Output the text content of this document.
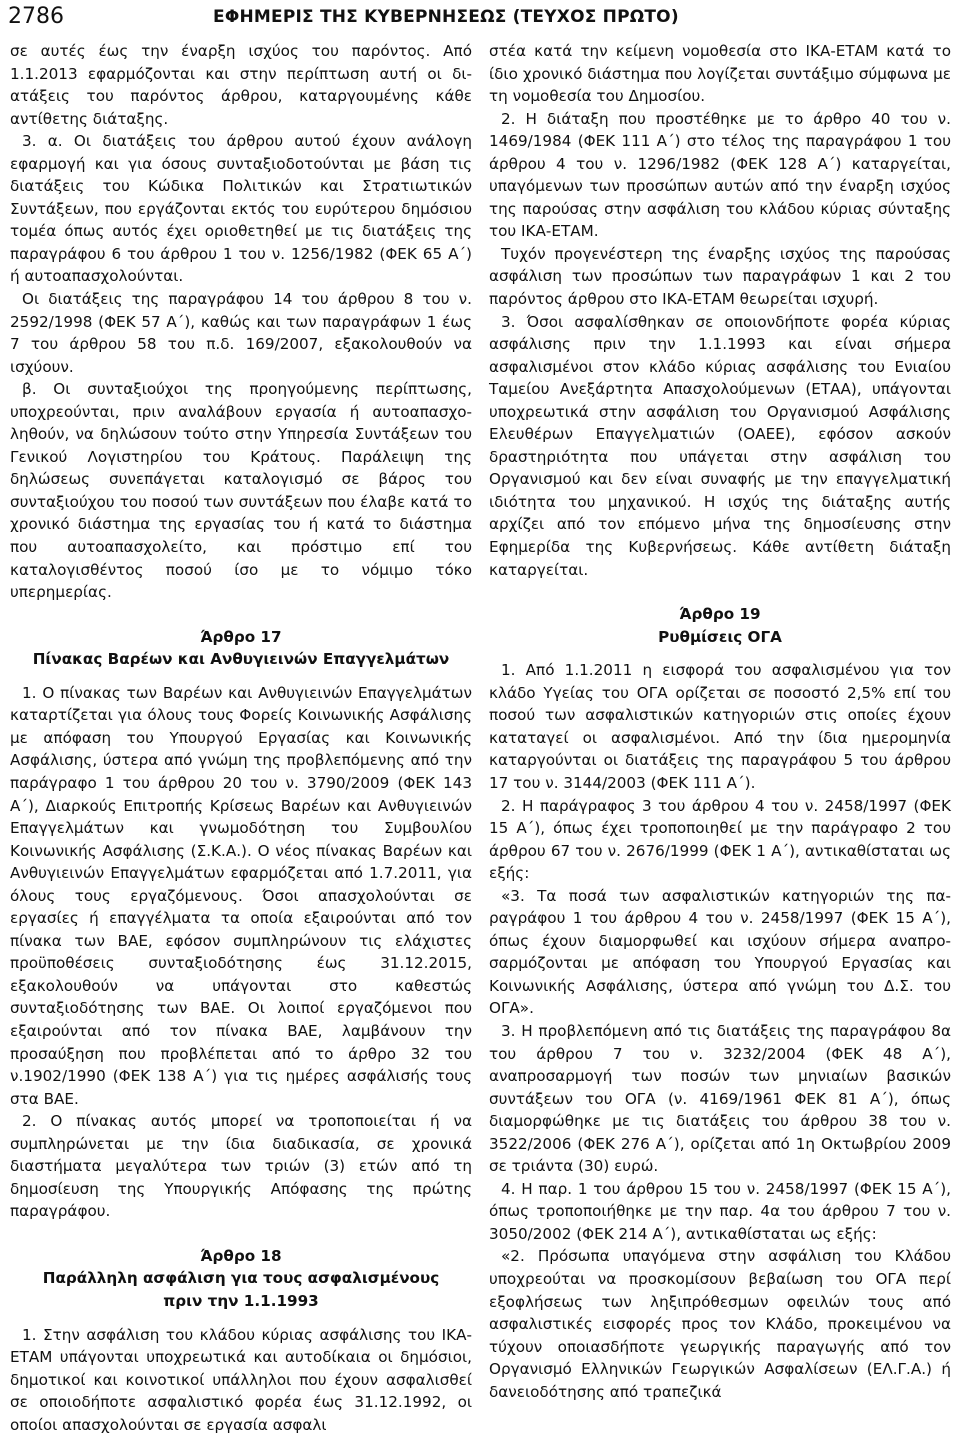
2786	ΕΦΗΜΕΡΙΣ ΤΗΣ ΚΥΒΕΡΝΗΣΕΩΣ (ΤΕΥΧΟΣ ΠΡΩΤΟ)

σε αυτές έως την έναρξη ισχύος του παρόντος. Από 1.1.2013 εφαρμόζονται και στην περίπτωση αυτή οι διατάξεις του παρόντος άρθρου, καταργουμένης κάθε αντίθετης διάταξης.

3. α. Οι διατάξεις του άρθρου αυτού έχουν ανάλογη εφαρμογή και για όσους συνταξιοδοτούνται με βάση τις διατάξεις του Κώδικα Πολιτικών και Στρατιωτικών Συντάξεων, που εργάζονται εκτός του ευρύτερου δημόσιου τομέα όπως αυτός έχει οριοθετηθεί με τις διατάξεις της παραγράφου 6 του άρθρου 1 του ν. 1256/1982 (ΦΕΚ 65 Α΄) ή αυτοαπασχολούνται.

Οι διατάξεις της παραγράφου 14 του άρθρου 8 του ν. 2592/1998 (ΦΕΚ 57 Α΄), καθώς και των παραγράφων 1 έως 7 του άρθρου 58 του π.δ. 169/2007, εξακολουθούν να ισχύουν.

β. Οι συνταξιούχοι της προηγούμενης περίπτωσης, υποχρεούνται, πριν αναλάβουν εργασία ή αυτοαπασχοληθούν, να δηλώσουν τούτο στην Υπηρεσία Συντάξεων του Γενικού Λογιστηρίου του Κράτους. Παράλειψη της δηλώσεως συνεπάγεται καταλογισμό σε βάρος του συνταξιούχου του ποσού των συντάξεων που έλαβε κατά το χρονικό διάστημα της εργασίας του ή κατά το διάστημα που αυτοαπασχολείτο, και πρόστιμο επί του καταλογισθέντος ποσού ίσο με το νόμιμο τόκο υπερημερίας.

Άρθρο 17
Πίνακας Βαρέων και Ανθυγιεινών Επαγγελμάτων

1. Ο πίνακας των Βαρέων και Ανθυγιεινών Επαγγελμάτων καταρτίζεται για όλους τους Φορείς Κοινωνικής Ασφάλισης με απόφαση του Υπουργού Εργασίας και Κοινωνικής Ασφάλισης, ύστερα από γνώμη της προβλεπόμενης από την παράγραφο 1 του άρθρου 20 του ν. 3790/2009 (ΦΕΚ 143 Α΄), Διαρκούς Επιτροπής Κρίσεως Βαρέων και Ανθυγιεινών Επαγγελμάτων και γνωμοδότηση του Συμβουλίου Κοινωνικής Ασφάλισης (Σ.Κ.Α.). Ο νέος πίνακας Βαρέων και Ανθυγιεινών Επαγγελμάτων εφαρμόζεται από 1.7.2011, για όλους τους εργαζόμενους. Όσοι απασχολούνται σε εργασίες ή επαγγέλματα τα οποία εξαιρούνται από τον πίνακα των ΒΑΕ, εφόσον συμπληρώνουν τις ελάχιστες προϋποθέσεις συνταξιοδότησης έως 31.12.2015, εξακολουθούν να υπάγονται στο καθεστώς συνταξιοδότησης των ΒΑΕ. Οι λοιποί εργαζόμενοι που εξαιρούνται από τον πίνακα ΒΑΕ, λαμβάνουν την προσαύξηση που προβλέπεται από το άρθρο 32 του ν.1902/1990 (ΦΕΚ 138 Α΄) για τις ημέρες ασφάλισής τους στα ΒΑΕ.

2. Ο πίνακας αυτός μπορεί να τροποποιείται ή να συμπληρώνεται με την ίδια διαδικασία, σε χρονικά διαστήματα μεγαλύτερα των τριών (3) ετών από τη δημοσίευση της Υπουργικής Απόφασης της πρώτης παραγράφου.

Άρθρο 18
Παράλληλη ασφάλιση για τους ασφαλισμένους
πριν την 1.1.1993

1. Στην ασφάλιση του κλάδου κύριας ασφάλισης του ΙΚΑ-ΕΤΑΜ υπάγονται υποχρεωτικά και αυτοδίκαια οι δημόσιοι, δημοτικοί και κοινοτικοί υπάλληλοι που έχουν ασφαλισθεί σε οποιοδήποτε ασφαλιστικό φορέα έως 31.12.1992, οι οποίοι απασχολούνται σε εργασία ασφαλι

στέα κατά την κείμενη νομοθεσία στο ΙΚΑ-ΕΤΑΜ κατά το ίδιο χρονικό διάστημα που λογίζεται συντάξιμο σύμφωνα με τη νομοθεσία του Δημοσίου.

2. Η διάταξη που προστέθηκε με το άρθρο 40 του ν. 1469/1984 (ΦΕΚ 111 Α΄) στο τέλος της παραγράφου 1 του άρθρου 4 του ν. 1296/1982 (ΦΕΚ 128 Α΄) καταργείται, υπαγόμενων των προσώπων αυτών από την έναρξη ισχύος της παρούσας στην ασφάλιση του κλάδου κύριας σύνταξης του ΙΚΑ-ΕΤΑΜ.

Τυχόν προγενέστερη της έναρξης ισχύος της παρούσας ασφάλιση των προσώπων των παραγράφων 1 και 2 του παρόντος άρθρου στο ΙΚΑ-ΕΤΑΜ θεωρείται ισχυρή.

3. Όσοι ασφαλίσθηκαν σε οποιονδήποτε φορέα κύριας ασφάλισης πριν την 1.1.1993 και είναι σήμερα ασφαλισμένοι στον κλάδο κύριας ασφάλισης του Ενιαίου Ταμείου Ανεξάρτητα Απασχολούμενων (ΕΤΑΑ), υπάγονται υποχρεωτικά στην ασφάλιση του Οργανισμού Ασφάλισης Ελευθέρων Επαγγελματιών (ΟΑΕΕ), εφόσον ασκούν δραστηριότητα που υπάγεται στην ασφάλιση του Οργανισμού και δεν είναι συναφής με την επαγγελματική ιδιότητα του μηχανικού. Η ισχύς της διάταξης αυτής αρχίζει από τον επόμενο μήνα της δημοσίευσης στην Εφημερίδα της Κυβερνήσεως. Κάθε αντίθετη διάταξη καταργείται.

Άρθρο 19
Ρυθμίσεις ΟΓΑ

1. Από 1.1.2011 η εισφορά του ασφαλισμένου για τον κλάδο Υγείας του ΟΓΑ ορίζεται σε ποσοστό 2,5% επί του ποσού των ασφαλιστικών κατηγοριών στις οποίες έχουν καταταγεί οι ασφαλισμένοι. Από την ίδια ημερομηνία καταργούνται οι διατάξεις της παραγράφου 5 του άρθρου 17 του ν. 3144/2003 (ΦΕΚ 111 Α΄).

2. Η παράγραφος 3 του άρθρου 4 του ν. 2458/1997 (ΦΕΚ 15 Α΄), όπως έχει τροποποιηθεί με την παράγραφο 2 του άρθρου 67 του ν. 2676/1999 (ΦΕΚ 1 Α΄), αντικαθίσταται ως εξής:

«3. Τα ποσά των ασφαλιστικών κατηγοριών της παραγράφου 1 του άρθρου 4 του ν. 2458/1997 (ΦΕΚ 15 Α΄), όπως έχουν διαμορφωθεί και ισχύουν σήμερα αναπροσαρμόζονται με απόφαση του Υπουργού Εργασίας και Κοινωνικής Ασφάλισης, ύστερα από γνώμη του Δ.Σ. του ΟΓΑ».

3. Η προβλεπόμενη από τις διατάξεις της παραγράφου 8α του άρθρου 7 του ν. 3232/2004 (ΦΕΚ 48 Α΄), αναπροσαρμογή των ποσών των μηνιαίων βασικών συντάξεων του ΟΓΑ (ν. 4169/1961 ΦΕΚ 81 Α΄), όπως διαμορφώθηκε με τις διατάξεις του άρθρου 38 του ν. 3522/2006 (ΦΕΚ 276 Α΄), ορίζεται από 1η Οκτωβρίου 2009 σε τριάντα (30) ευρώ.

4. Η παρ. 1 του άρθρου 15 του ν. 2458/1997 (ΦΕΚ 15 Α΄), όπως τροποποιήθηκε με την παρ. 4α του άρθρου 7 του ν. 3050/2002 (ΦΕΚ 214 Α΄), αντικαθίσταται ως εξής:

«2. Πρόσωπα υπαγόμενα στην ασφάλιση του Κλάδου υποχρεούται να προσκομίσουν βεβαίωση του ΟΓΑ περί εξοφλήσεως των ληξιπρόθεσμων οφειλών τους από ασφαλιστικές εισφορές προς τον Κλάδο, προκειμένου να τύχουν οποιασδήποτε γεωργικής παραγωγής από τον Οργανισμό Ελληνικών Γεωργικών Ασφαλίσεων (ΕΛ.Γ.Α.) ή δανειοδότησης από τραπεζικά
